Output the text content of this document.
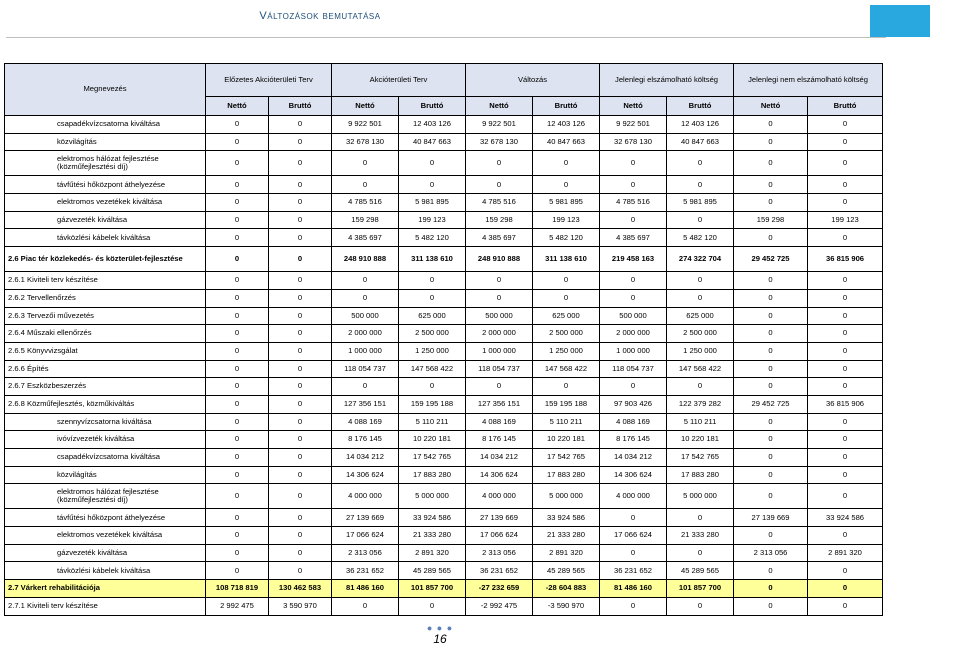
Változások bemutatása
Megnevezés	Előzetes Akcióterületi Terv		Akcióterületi Terv		Változás		Jelenlegi elszámolható költség		Jelenlegi nem elszámolható költség	
	Nettó	Bruttó	Nettó	Bruttó	Nettó	Bruttó	Nettó	Bruttó	Nettó	Bruttó
csapadékvízcsatorna kiváltása	0	0	9 922 501	12 403 126	9 922 501	12 403 126	9 922 501	12 403 126	0	0
közvilágítás	0	0	32 678 130	40 847 663	32 678 130	40 847 663	32 678 130	40 847 663	0	0
elektromos hálózat fejlesztése (közműfejlesztési díj)	0	0	0	0	0	0	0	0	0	0
távfűtési hőközpont áthelyezése	0	0	0	0	0	0	0	0	0	0
elektromos vezetékek kiváltása	0	0	4 785 516	5 981 895	4 785 516	5 981 895	4 785 516	5 981 895	0	0
gázvezeték kiváltása	0	0	159 298	199 123	159 298	199 123	0	0	159 298	199 123
távközlési kábelek kiváltása	0	0	4 385 697	5 482 120	4 385 697	5 482 120	4 385 697	5 482 120	0	0
2.6 Piac tér közlekedés- és közterület-fejlesztése	0	0	248 910 888	311 138 610	248 910 888	311 138 610	219 458 163	274 322 704	29 452 725	36 815 906
2.6.1 Kiviteli terv készítése	0	0	0	0	0	0	0	0	0	0
2.6.2 Tervellenőrzés	0	0	0	0	0	0	0	0	0	0
2.6.3 Tervezői művezetés	0	0	500 000	625 000	500 000	625 000	500 000	625 000	0	0
2.6.4 Műszaki ellenőrzés	0	0	2 000 000	2 500 000	2 000 000	2 500 000	2 000 000	2 500 000	0	0
2.6.5 Könyvvizsgálat	0	0	1 000 000	1 250 000	1 000 000	1 250 000	1 000 000	1 250 000	0	0
2.6.6 Építés	0	0	118 054 737	147 568 422	118 054 737	147 568 422	118 054 737	147 568 422	0	0
2.6.7 Eszközbeszerzés	0	0	0	0	0	0	0	0	0	0
2.6.8 Közműfejlesztés, közműkiváltás	0	0	127 356 151	159 195 188	127 356 151	159 195 188	97 903 426	122 379 282	29 452 725	36 815 906
szennyvízcsatorna kiváltása	0	0	4 088 169	5 110 211	4 088 169	5 110 211	4 088 169	5 110 211	0	0
ivóvízvezeték kiváltása	0	0	8 176 145	10 220 181	8 176 145	10 220 181	8 176 145	10 220 181	0	0
csapadékvízcsatorna kiváltása	0	0	14 034 212	17 542 765	14 034 212	17 542 765	14 034 212	17 542 765	0	0
közvilágítás	0	0	14 306 624	17 883 280	14 306 624	17 883 280	14 306 624	17 883 280	0	0
elektromos hálózat fejlesztése (közműfejlesztési díj)	0	0	4 000 000	5 000 000	4 000 000	5 000 000	4 000 000	5 000 000	0	0
távfűtési hőközpont áthelyezése	0	0	27 139 669	33 924 586	27 139 669	33 924 586	0	0	27 139 669	33 924 586
elektromos vezetékek kiváltása	0	0	17 066 624	21 333 280	17 066 624	21 333 280	17 066 624	21 333 280	0	0
gázvezeték kiváltása	0	0	2 313 056	2 891 320	2 313 056	2 891 320	0	0	2 313 056	2 891 320
távközlési kábelek kiváltása	0	0	36 231 652	45 289 565	36 231 652	45 289 565	36 231 652	45 289 565	0	0
2.7 Várkert rehabilitációja	108 718 819	130 462 583	81 486 160	101 857 700	-27 232 659	-28 604 883	81 486 160	101 857 700	0	0
2.7.1 Kiviteli terv készítése	2 992 475	3 590 970	0	0	-2 992 475	-3 590 970	0	0	0	0
● ● ●
16
